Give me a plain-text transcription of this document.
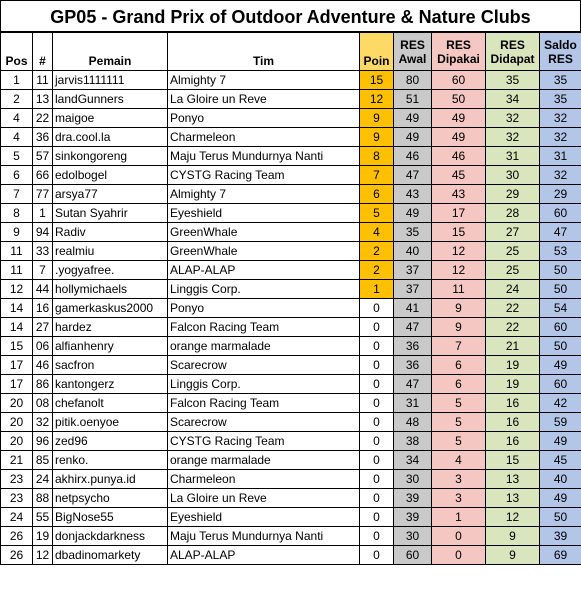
GP05 - Grand Prix of Outdoor Adventure & Nature Clubs
Pos	#	Pemain	Tim	Poin	RES Awal	RES Dipakai	RES Didapat	Saldo RES
1	11	jarvis1111111	Almighty 7	15	80	60	35	35
2	13	landGunners	La Gloire un Reve	12	51	50	34	35
4	22	maigoe	Ponyo	9	49	49	32	32
4	36	dra.cool.la	Charmeleon	9	49	49	32	32
5	57	sinkongoreng	Maju Terus Mundurnya Nanti	8	46	46	31	31
6	66	edolbogel	CYSTG Racing Team	7	47	45	30	32
7	77	arsya77	Almighty 7	6	43	43	29	29
8	1	Sutan Syahrir	Eyeshield	5	49	17	28	60
9	94	Radiv	GreenWhale	4	35	15	27	47
11	33	realmiu	GreenWhale	2	40	12	25	53
11	7	.yogyafree.	ALAP-ALAP	2	37	12	25	50
12	44	hollymichaels	Linggis Corp.	1	37	11	24	50
14	16	gamerkaskus2000	Ponyo	0	41	9	22	54
14	27	hardez	Falcon Racing Team	0	47	9	22	60
15	06	alfianhenry	orange marmalade	0	36	7	21	50
17	46	sacfron	Scarecrow	0	36	6	19	49
17	86	kantongerz	Linggis Corp.	0	47	6	19	60
20	08	chefanolt	Falcon Racing Team	0	31	5	16	42
20	32	pitik.oenyoe	Scarecrow	0	48	5	16	59
20	96	zed96	CYSTG Racing Team	0	38	5	16	49
21	85	renko.	orange marmalade	0	34	4	15	45
23	24	akhirx.punya.id	Charmeleon	0	30	3	13	40
23	88	netpsycho	La Gloire un Reve	0	39	3	13	49
24	55	BigNose55	Eyeshield	0	39	1	12	50
26	19	donjackdarkness	Maju Terus Mundurnya Nanti	0	30	0	9	39
26	12	dbadinomarkety	ALAP-ALAP	0	60	0	9	69
